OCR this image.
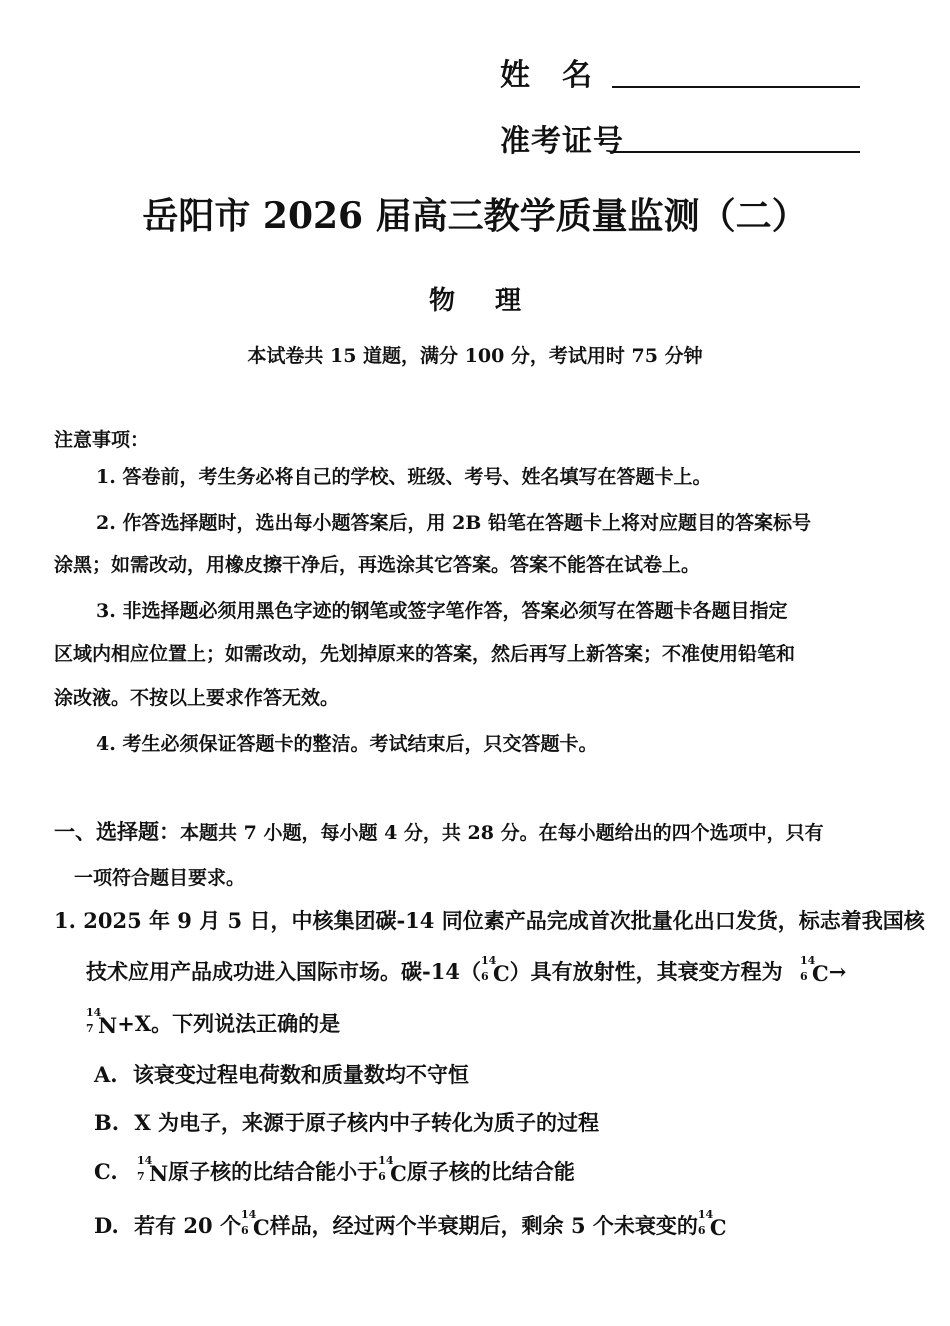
姓　名
准考证号
岳阳市 2026 届高三教学质量监测（二）
物理
本试卷共 15 道题，满分 100 分，考试用时 75 分钟
注意事项：
1. 答卷前，考生务必将自己的学校、班级、考号、姓名填写在答题卡上。
2. 作答选择题时，选出每小题答案后，用 2B 铅笔在答题卡上将对应题目的答案标号
涂黑；如需改动，用橡皮擦干净后，再选涂其它答案。答案不能答在试卷上。
3. 非选择题必须用黑色字迹的钢笔或签字笔作答，答案必须写在答题卡各题目指定
区域内相应位置上；如需改动，先划掉原来的答案，然后再写上新答案；不准使用铅笔和
涂改液。不按以上要求作答无效。
4. 考生必须保证答题卡的整洁。考试结束后，只交答题卡。
一、选择题：本题共 7 小题，每小题 4 分，共 28 分。在每小题给出的四个选项中，只有
一项符合题目要求。
1. 2025 年 9 月 5 日，中核集团碳-14 同位素产品完成首次批量化出口发货，标志着我国核
技术应用产品成功进入国际市场。碳-14（ 14
6 C）具有放射性，其衰变方程为 14
6 C→
14
7 N+X。下列说法正确的是
A. 该衰变过程电荷数和质量数均不守恒
B. X 为电子，来源于原子核内中子转化为质子的过程
C. 14
7 N原子核的比结合能小于 14
6 C原子核的比结合能
D. 若有 20 个 14
6 C样品，经过两个半衰期后，剩余 5 个未衰变的 14
6 C
